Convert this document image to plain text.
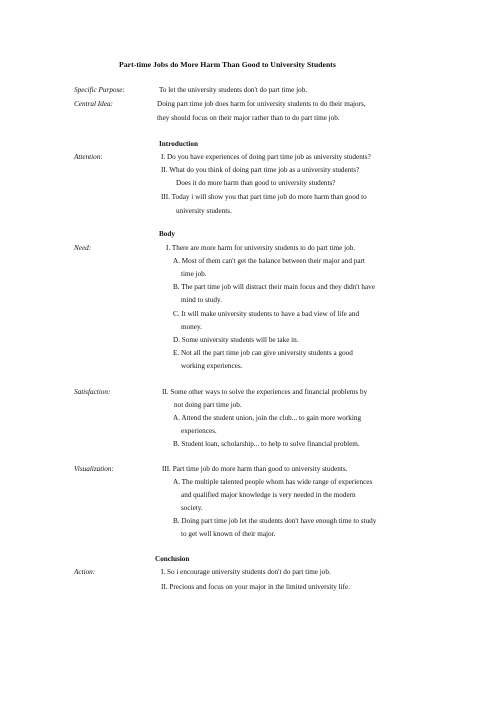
Part-time Jobs do More Harm Than Good to University Students
Specific Purpose:	To let the university students don't do part time job.
Central Idea:	Doing part time job does harm for university students to do their majors,
they should focus on their major rather than to do part time job.
Introduction
Attention:	I. Do you have experiences of doing part time job as university students?
II. What do you think of doing part time job as a university students?
Does it do more harm than good to university students?
III. Today i will show you that part time job do more harm than good to
university students.
Body
Need:	I. There are more harm for university students to do part time job.
A. Most of them can't get the balance between their major and part
time job.
B. The part time job will distract their main focus and they didn't have
mind to study.
C. It will make university students to have a bad view of life and
money.
D. Some university students will be take in.
E. Not all the part time job can give university students a good
working experiences.
Satisfaction:	II. Some other ways to solve the experiences and financial problems by
not doing part time job.
A. Attend the student union, join the club... to gain more working
experiences.
B. Student loan, scholarship... to help to solve financial problem.
Visualization:	III. Part time job do more harm than good to university students.
A. The multiple talented people whom has wide range of experiences
and qualified major knowledge is very needed in the modern
society.
B. Doing part time job let the students don't have enough time to study
to get well known of their major.
Conclusion
Action:	I. So i encourage university students don't do part time job.
II. Precious and focus on your major in the limited university life.
